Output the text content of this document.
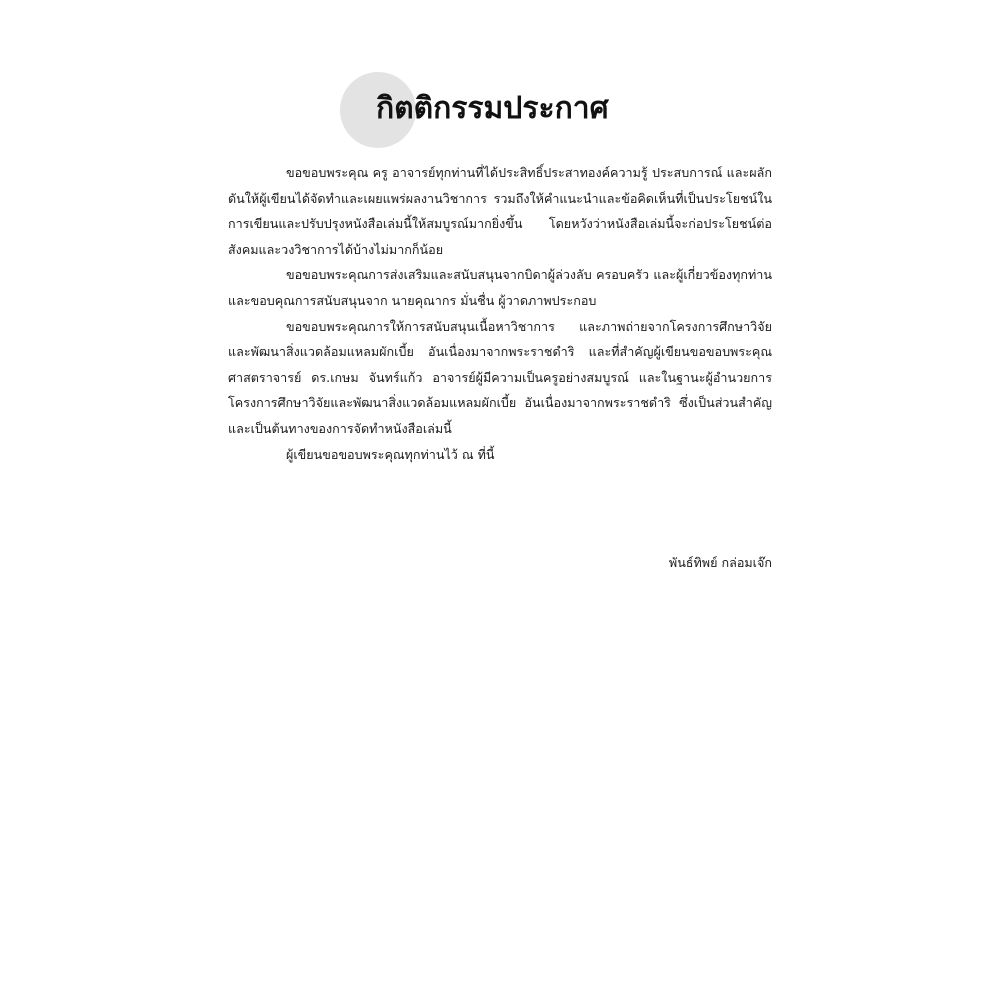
กิตติกรรมประกาศ

ขอขอบพระคุณ ครู อาจารย์ทุกท่านที่ได้ประสิทธิ์ประสาทองค์ความรู้ ประสบการณ์ และผลักดันให้ผู้เขียนได้จัดทำและเผยแพร่ผลงานวิชาการ รวมถึงให้คำแนะนำและข้อคิดเห็นที่เป็นประโยชน์ในการเขียนและปรับปรุงหนังสือเล่มนี้ให้สมบูรณ์มากยิ่งขึ้น โดยหวังว่าหนังสือเล่มนี้จะก่อประโยชน์ต่อสังคมและวงวิชาการได้บ้างไม่มากก็น้อย

ขอขอบพระคุณการส่งเสริมและสนับสนุนจากบิดาผู้ล่วงลับ ครอบครัว และผู้เกี่ยวข้องทุกท่าน และขอบคุณการสนับสนุนจาก นายคุณากร มั่นชื่น ผู้วาดภาพประกอบ

ขอขอบพระคุณการให้การสนับสนุนเนื้อหาวิชาการ และภาพถ่ายจากโครงการศึกษาวิจัยและพัฒนาสิ่งแวดล้อมแหลมผักเบี้ย อันเนื่องมาจากพระราชดำริ และที่สำคัญผู้เขียนขอขอบพระคุณ ศาสตราจารย์ ดร.เกษม จันทร์แก้ว อาจารย์ผู้มีความเป็นครูอย่างสมบูรณ์ และในฐานะผู้อำนวยการโครงการศึกษาวิจัยและพัฒนาสิ่งแวดล้อมแหลมผักเบี้ย อันเนื่องมาจากพระราชดำริ ซึ่งเป็นส่วนสำคัญและเป็นต้นทางของการจัดทำหนังสือเล่มนี้

ผู้เขียนขอขอบพระคุณทุกท่านไว้ ณ ที่นี้

พันธ์ทิพย์ กล่อมเจ๊ก
